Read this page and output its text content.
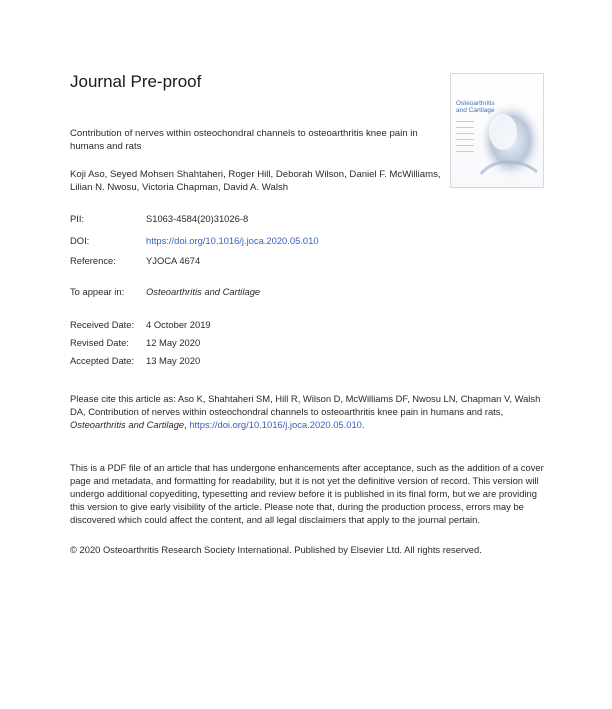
Journal Pre-proof
Osteoarthritis
and Cartilage
Contribution of nerves within osteochondral channels to osteoarthritis knee pain in humans and rats
Koji Aso, Seyed Mohsen Shahtaheri, Roger Hill, Deborah Wilson, Daniel F. McWilliams, Lilian N. Nwosu, Victoria Chapman, David A. Walsh
PII:	S1063-4584(20)31026-8
DOI:	https://doi.org/10.1016/j.joca.2020.05.010
Reference:	YJOCA 4674
To appear in: Osteoarthritis and Cartilage
Received Date: 4 October 2019
Revised Date: 12 May 2020
Accepted Date: 13 May 2020
Please cite this article as: Aso K, Shahtaheri SM, Hill R, Wilson D, McWilliams DF, Nwosu LN, Chapman V, Walsh DA, Contribution of nerves within osteochondral channels to osteoarthritis knee pain in humans and rats, Osteoarthritis and Cartilage, https://doi.org/10.1016/j.joca.2020.05.010.
This is a PDF file of an article that has undergone enhancements after acceptance, such as the addition of a cover page and metadata, and formatting for readability, but it is not yet the definitive version of record. This version will undergo additional copyediting, typesetting and review before it is published in its final form, but we are providing this version to give early visibility of the article. Please note that, during the production process, errors may be discovered which could affect the content, and all legal disclaimers that apply to the journal pertain.
© 2020 Osteoarthritis Research Society International. Published by Elsevier Ltd. All rights reserved.
